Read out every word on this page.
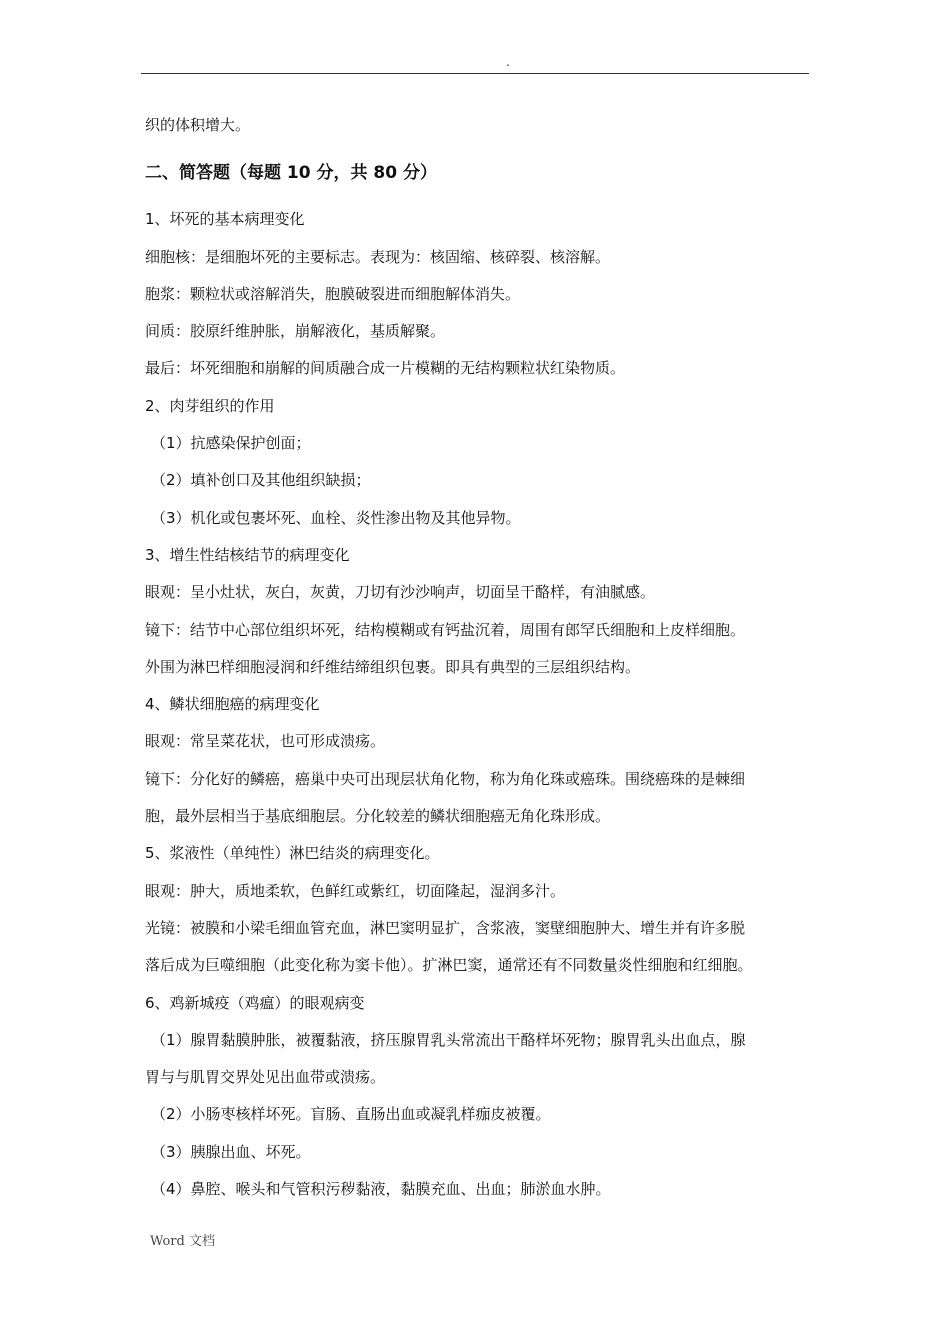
.
织的体积增大。
二、简答题（每题 10 分，共 80 分）
1、坏死的基本病理变化
细胞核：是细胞坏死的主要标志。表现为：核固缩、核碎裂、核溶解。
胞浆：颗粒状或溶解消失，胞膜破裂进而细胞解体消失。
间质：胶原纤维肿胀，崩解液化，基质解聚。
最后：坏死细胞和崩解的间质融合成一片模糊的无结构颗粒状红染物质。
2、肉芽组织的作用
（1）抗感染保护创面；
（2）填补创口及其他组织缺损；
（3）机化或包裹坏死、血栓、炎性渗出物及其他异物。
3、增生性结核结节的病理变化
眼观：呈小灶状，灰白，灰黄，刀切有沙沙响声，切面呈干酪样，有油腻感。
镜下：结节中心部位组织坏死，结构模糊或有钙盐沉着，周围有郎罕氏细胞和上皮样细胞。
外围为淋巴样细胞浸润和纤维结缔组织包裹。即具有典型的三层组织结构。
4、鳞状细胞癌的病理变化
眼观：常呈菜花状，也可形成溃疡。
镜下：分化好的鳞癌，癌巢中央可出现层状角化物，称为角化珠或癌珠。围绕癌珠的是棘细
胞，最外层相当于基底细胞层。分化较差的鳞状细胞癌无角化珠形成。
5、浆液性（单纯性）淋巴结炎的病理变化。
眼观：肿大，质地柔软，色鲜红或紫红，切面隆起，湿润多汁。
光镜：被膜和小梁毛细血管充血，淋巴窦明显扩，含浆液，窦壁细胞肿大、增生并有许多脱
落后成为巨噬细胞（此变化称为窦卡他）。扩淋巴窦，通常还有不同数量炎性细胞和红细胞。
6、鸡新城疫（鸡瘟）的眼观病变
（1）腺胃黏膜肿胀，被覆黏液，挤压腺胃乳头常流出干酪样坏死物；腺胃乳头出血点，腺
胃与与肌胃交界处见出血带或溃疡。
（2）小肠枣核样坏死。盲肠、直肠出血或凝乳样痂皮被覆。
（3）胰腺出血、坏死。
（4）鼻腔、喉头和气管积污秽黏液，黏膜充血、出血；肺淤血水肿。
Word 文档
